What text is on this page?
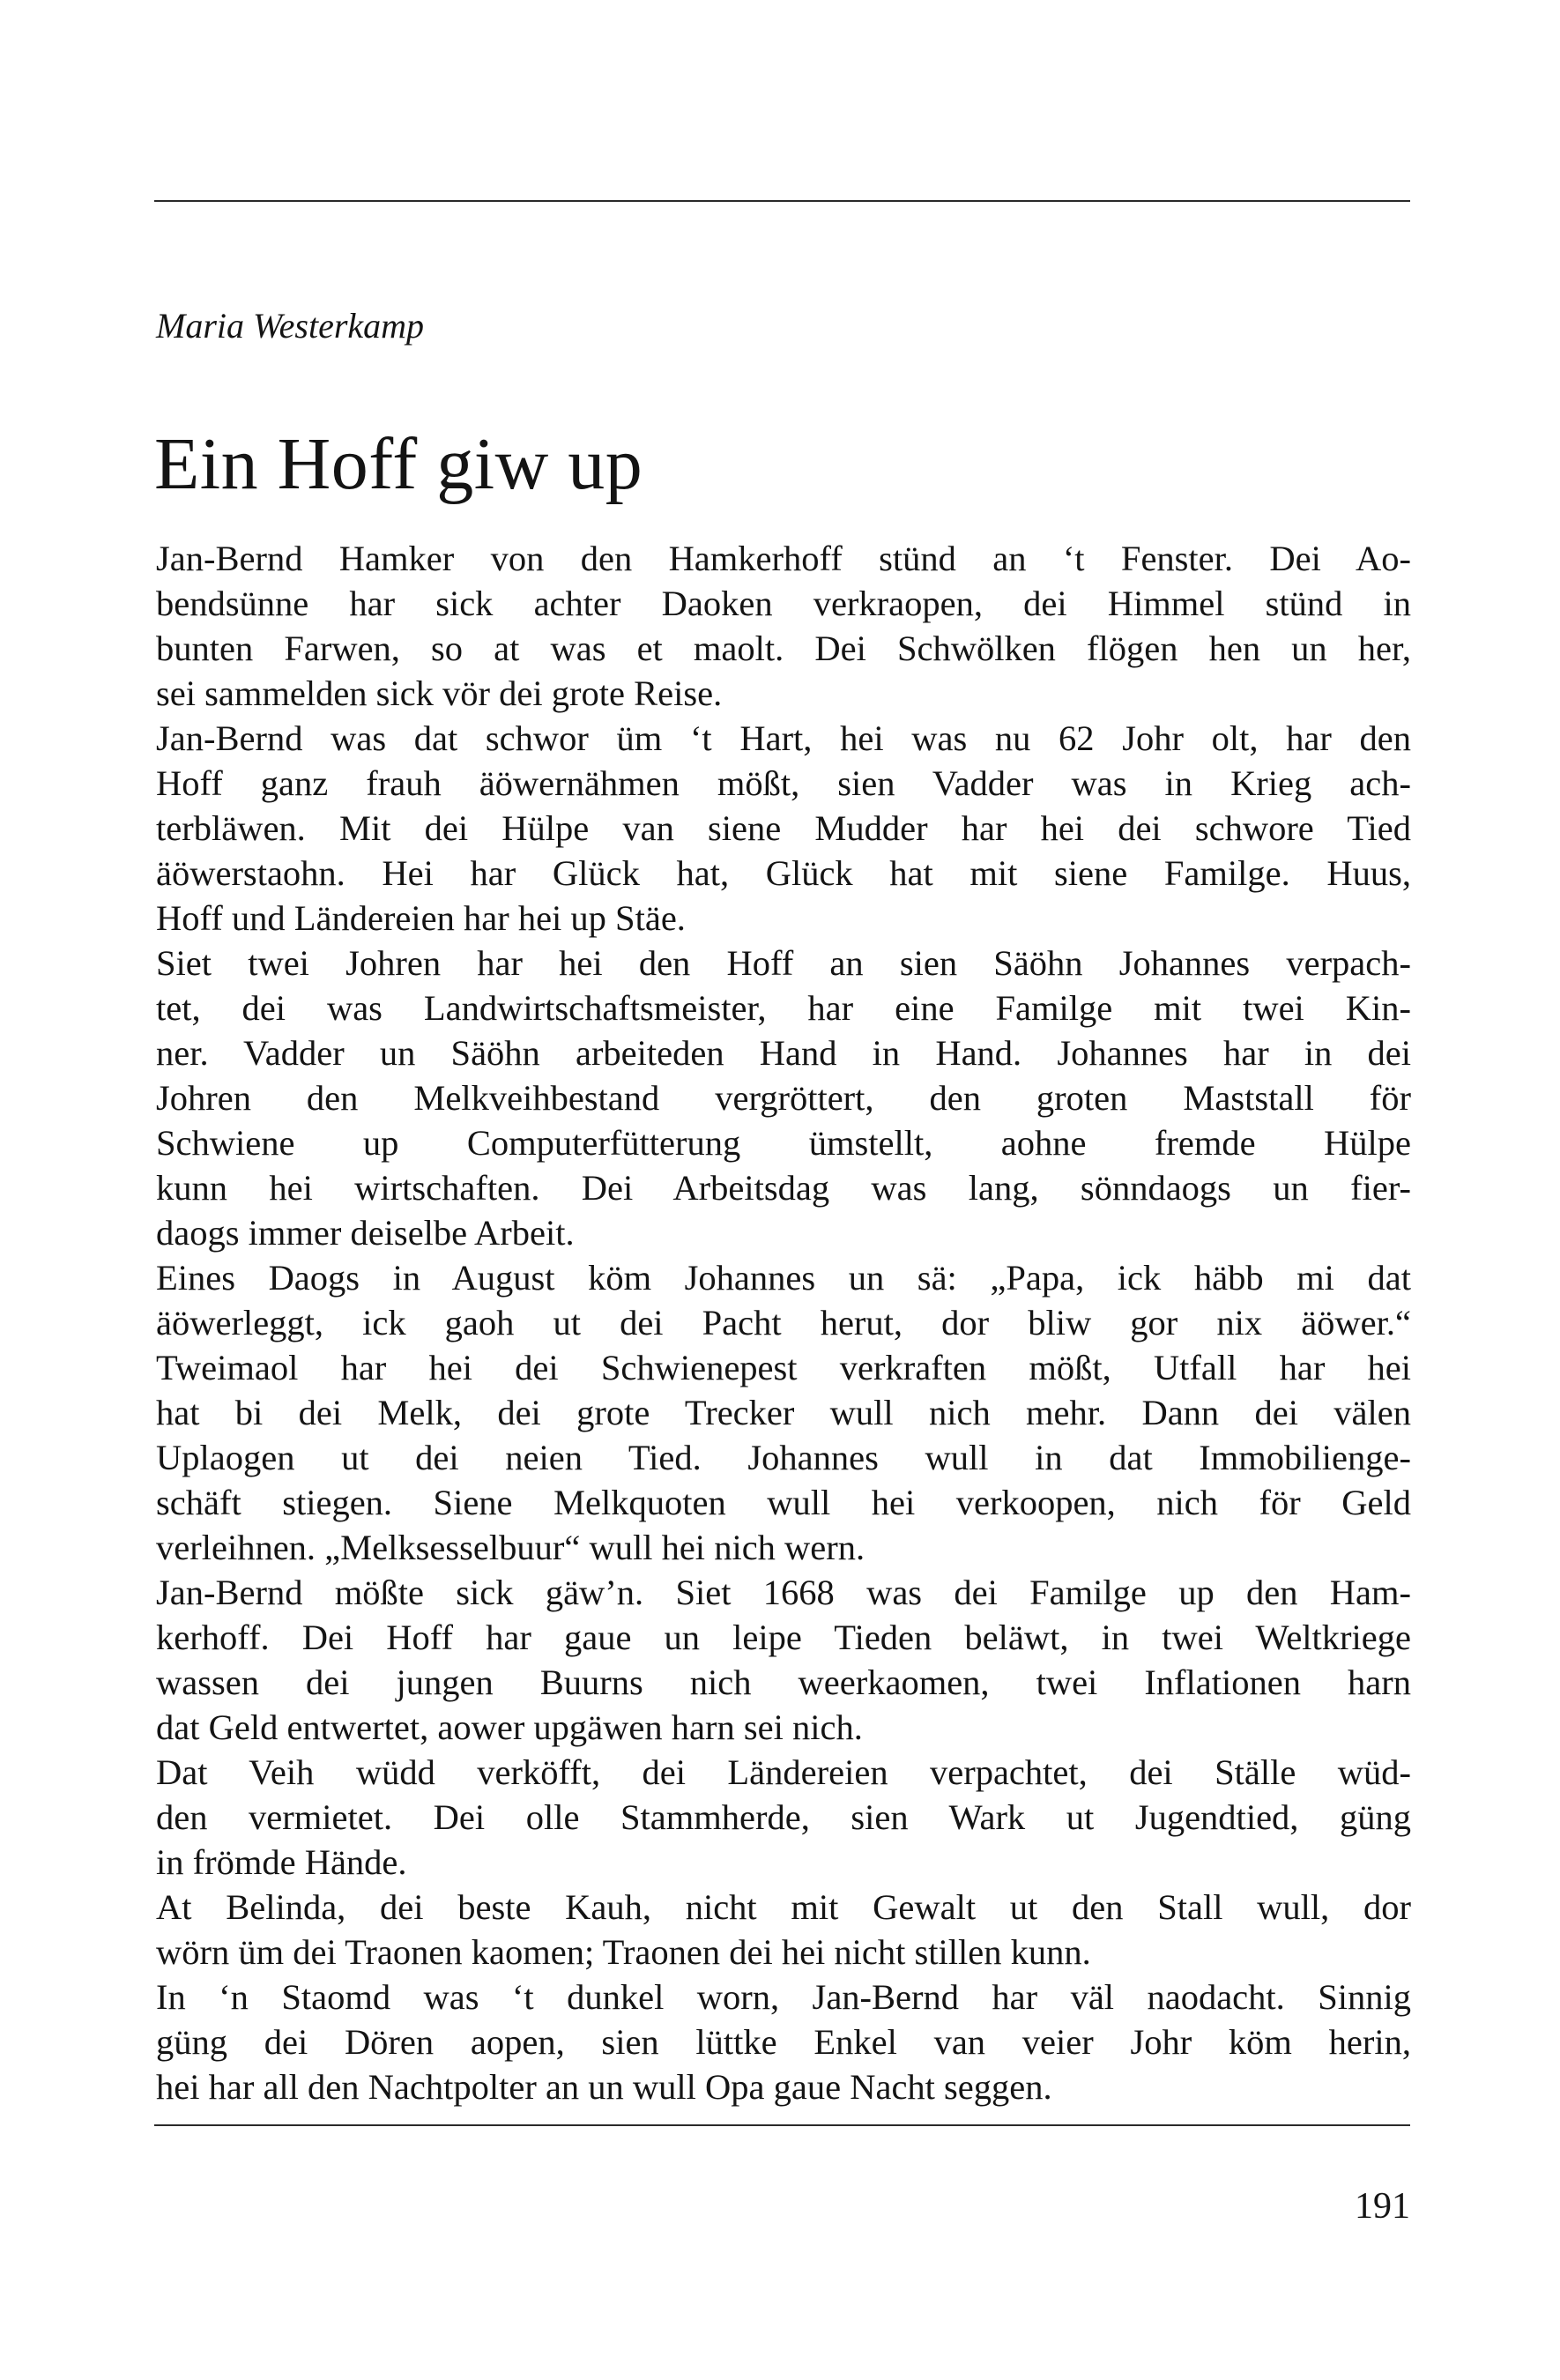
Maria Westerkamp
Ein Hoff giw up
Jan-Bernd Hamker von den Hamkerhoff stünd an ‘t Fenster. Dei Ao-
bendsünne har sick achter Daoken verkraopen, dei Himmel stünd in
bunten Farwen, so at was et maolt. Dei Schwölken flögen hen un her,
sei sammelden sick vör dei grote Reise.
Jan-Bernd was dat schwor üm ‘t Hart, hei was nu 62 Johr olt, har den
Hoff ganz frauh äöwernähmen mößt, sien Vadder was in Krieg ach-
terbläwen. Mit dei Hülpe van siene Mudder har hei dei schwore Tied
äöwerstaohn. Hei har Glück hat, Glück hat mit siene Familge. Huus,
Hoff und Ländereien har hei up Stäe.
Siet twei Johren har hei den Hoff an sien Säöhn Johannes verpach-
tet, dei was Landwirtschaftsmeister, har eine Familge mit twei Kin-
ner. Vadder un Säöhn arbeiteden Hand in Hand. Johannes har in dei
Johren den Melkveihbestand vergröttert, den groten Maststall för
Schwiene up Computerfütterung ümstellt, aohne fremde Hülpe
kunn hei wirtschaften. Dei Arbeitsdag was lang, sönndaogs un fier-
daogs immer deiselbe Arbeit.
Eines Daogs in August köm Johannes un sä: „Papa, ick häbb mi dat
äöwerleggt, ick gaoh ut dei Pacht herut, dor bliw gor nix äöwer.“
Tweimaol har hei dei Schwienepest verkraften mößt, Utfall har hei
hat bi dei Melk, dei grote Trecker wull nich mehr. Dann dei välen
Uplaogen ut dei neien Tied. Johannes wull in dat Immobilienge-
schäft stiegen. Siene Melkquoten wull hei verkoopen, nich för Geld
verleihnen. „Melksesselbuur“ wull hei nich wern.
Jan-Bernd mößte sick gäw’n. Siet 1668 was dei Familge up den Ham-
kerhoff. Dei Hoff har gaue un leipe Tieden beläwt, in twei Weltkriege
wassen dei jungen Buurns nich weerkaomen, twei Inflationen harn
dat Geld entwertet, aower upgäwen harn sei nich.
Dat Veih wüdd verköfft, dei Ländereien verpachtet, dei Ställe wüd-
den vermietet. Dei olle Stammherde, sien Wark ut Jugendtied, güng
in frömde Hände.
At Belinda, dei beste Kauh, nicht mit Gewalt ut den Stall wull, dor
wörn üm dei Traonen kaomen; Traonen dei hei nicht stillen kunn.
In ‘n Staomd was ‘t dunkel worn, Jan-Bernd har väl naodacht. Sinnig
güng dei Dören aopen, sien lüttke Enkel van veier Johr köm herin,
hei har all den Nachtpolter an un wull Opa gaue Nacht seggen.
191
